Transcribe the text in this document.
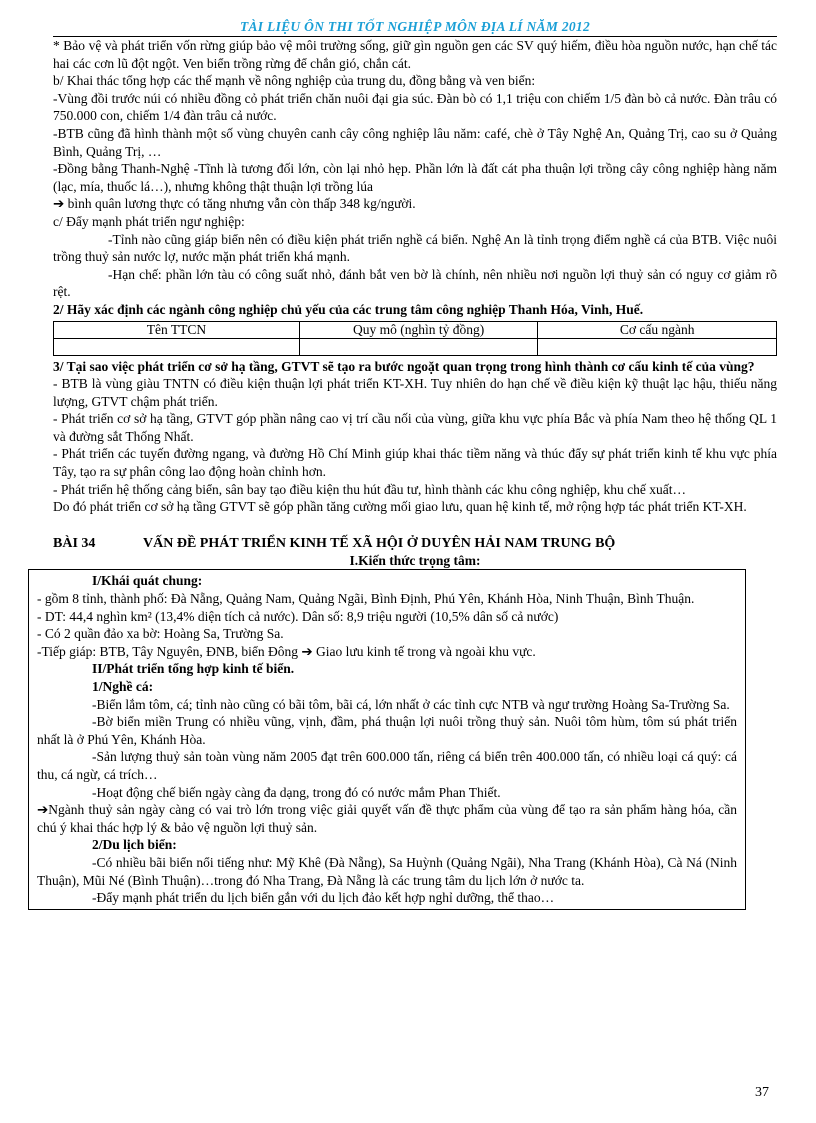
TÀI LIỆU ÔN THI TỐT NGHIỆP MÔN ĐỊA LÍ NĂM 2012

* Bảo vệ và phát triển vốn rừng giúp bảo vệ môi trường sống, giữ gìn nguồn gen các SV quý hiếm, điều hòa nguồn nước, hạn chế tác hai các cơn lũ đột ngột. Ven biển trồng rừng để chắn gió, chắn cát.

b/ Khai thác tổng hợp các thế mạnh về nông nghiệp của trung du, đồng bằng và ven biển:

-Vùng đồi trước núi có nhiều đồng cỏ phát triển chăn nuôi đại gia súc. Đàn bò có 1,1 triệu con chiếm 1/5 đàn bò cả nước. Đàn trâu có 750.000 con, chiếm 1/4 đàn trâu cả nước.

-BTB cũng đã hình thành một số vùng chuyên canh cây công nghiệp lâu năm: café, chè ở Tây Nghệ An, Quảng Trị, cao su ở Quảng Bình, Quảng Trị, …

-Đồng bằng Thanh-Nghệ -Tĩnh là tương đối lớn, còn lại nhỏ hẹp. Phần lớn là đất cát pha thuận lợi trồng cây công nghiệp hàng năm (lạc, mía, thuốc lá…), nhưng không thật thuận lợi trồng lúa

➔ bình quân lương thực có tăng nhưng vẫn còn thấp 348 kg/người.

c/ Đẩy mạnh phát triển ngư nghiệp:

-Tỉnh nào cũng giáp biển nên có điều kiện phát triển nghề cá biển. Nghệ An là tỉnh trọng điểm nghề cá của BTB. Việc nuôi trồng thuỷ sản nước lợ, nước mặn phát triển khá mạnh.

-Hạn chế: phần lớn tàu có công suất nhỏ, đánh bắt ven bờ là chính, nên nhiều nơi nguồn lợi thuỷ sản có nguy cơ giảm rõ rệt.

2/ Hãy xác định các ngành công nghiệp chủ yếu của các trung tâm công nghiệp Thanh Hóa, Vinh, Huế.

Tên TTCN	Quy mô (nghìn tỷ đồng)	Cơ cấu ngành

3/ Tại sao việc phát triển cơ sở hạ tầng, GTVT sẽ tạo ra bước ngoặt quan trọng trong hình thành cơ cấu kinh tế của vùng?

- BTB là vùng giàu TNTN có điều kiện thuận lợi phát triển KT-XH. Tuy nhiên do hạn chế về điều kiện kỹ thuật lạc hậu, thiếu năng lượng, GTVT chậm phát triển.

- Phát triển cơ sở hạ tầng, GTVT góp phần nâng cao vị trí cầu nối của vùng, giữa khu vực phía Bắc và phía Nam theo hệ thống QL 1 và đường sắt Thống Nhất.

- Phát triển các tuyến đường ngang, và đường Hồ Chí Minh giúp khai thác tiềm năng và thúc đẩy sự phát triển kinh tế khu vực phía Tây, tạo ra sự phân công lao động hoàn chỉnh hơn.

- Phát triển hệ thống cảng biển, sân bay tạo điều kiện thu hút đầu tư, hình thành các khu công nghiệp, khu chế xuất…

Do đó phát triển cơ sở hạ tầng GTVT sẽ góp phần tăng cường mối giao lưu, quan hệ kinh tế, mở rộng hợp tác phát triển KT-XH.

BÀI 34	VẤN ĐỀ PHÁT TRIỂN KINH TẾ XÃ HỘI Ở DUYÊN HẢI NAM TRUNG BỘ

I.Kiến thức trọng tâm:

I/Khái quát chung:

- gồm 8 tỉnh, thành phố: Đà Nẵng, Quảng Nam, Quảng Ngãi, Bình Định, Phú Yên, Khánh Hòa, Ninh Thuận, Bình Thuận.

- DT: 44,4 nghìn km² (13,4% diện tích cả nước). Dân số: 8,9 triệu người (10,5% dân số cả nước)

- Có 2 quần đảo xa bờ: Hoàng Sa, Trường Sa.

-Tiếp giáp: BTB, Tây Nguyên, ĐNB, biển Đông ➔ Giao lưu kinh tế trong và ngoài khu vực.

II/Phát triển tổng hợp kinh tế biển.

1/Nghề cá:

-Biển lắm tôm, cá; tỉnh nào cũng có bãi tôm, bãi cá, lớn nhất ở các tỉnh cực NTB và ngư trường Hoàng Sa-Trường Sa.

-Bờ biển miền Trung có nhiều vũng, vịnh, đầm, phá thuận lợi nuôi trồng thuỷ sản. Nuôi tôm hùm, tôm sú phát triển nhất là ở Phú Yên, Khánh Hòa.

-Sản lượng thuỷ sản toàn vùng năm 2005 đạt trên 600.000 tấn, riêng cá biển trên 400.000 tấn, có nhiều loại cá quý: cá thu, cá ngừ, cá trích…

-Hoạt động chế biến ngày càng đa dạng, trong đó có nước mắm Phan Thiết.

➔Ngành thuỷ sản ngày càng có vai trò lớn trong việc giải quyết vấn đề thực phẩm của vùng để tạo ra sản phẩm hàng hóa, cần chú ý khai thác hợp lý & bảo vệ nguồn lợi thuỷ sản.

2/Du lịch biển:

-Có nhiều bãi biển nổi tiếng như: Mỹ Khê (Đà Nẵng), Sa Huỳnh (Quảng Ngãi), Nha Trang (Khánh Hòa), Cà Ná (Ninh Thuận), Mũi Né (Bình Thuận)…trong đó Nha Trang, Đà Nẵng là các trung tâm du lịch lớn ở nước ta.

-Đẩy mạnh phát triển du lịch biển gắn với du lịch đảo kết hợp nghỉ dưỡng, thể thao…

37
